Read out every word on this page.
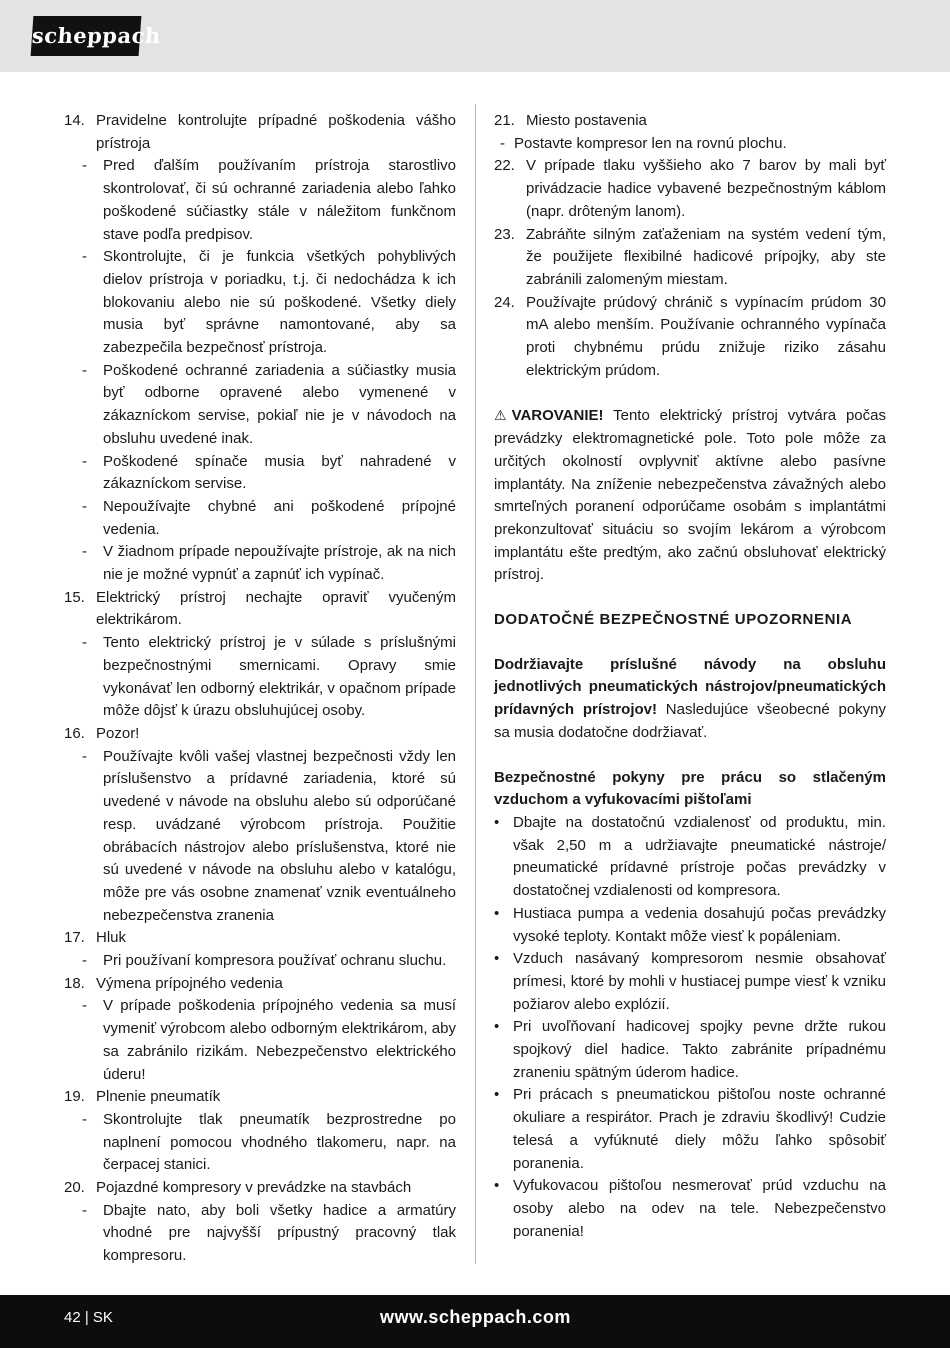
scheppach
14. Pravidelne kontrolujte prípadné poškodenia vášho prístroja
-	Pred ďalším používaním prístroja starostlivo skontrolovať, či sú ochranné zariadenia alebo ľahko poškodené súčiastky stále v náležitom funkčnom stave podľa predpisov.
-	Skontrolujte, či je funkcia všetkých pohyblivých dielov prístroja v poriadku, t.j. či nedochádza k ich blokovaniu alebo nie sú poškodené. Všetky diely musia byť správne namontované, aby sa zabezpečila bezpečnosť prístroja.
-	Poškodené ochranné zariadenia a súčiastky musia byť odborne opravené alebo vymenené v zákazníckom servise, pokiaľ nie je v návodoch na obsluhu uvedené inak.
-	Poškodené spínače musia byť nahradené v zákazníckom servise.
-	Nepoužívajte chybné ani poškodené prípojné vedenia.
-	V žiadnom prípade nepoužívajte prístroje, ak na nich nie je možné vypnúť a zapnúť ich vypínač.
15. Elektrický prístroj nechajte opraviť vyučeným elektrikárom.
-	Tento elektrický prístroj je v súlade s príslušnými bezpečnostnými smernicami. Opravy smie vykonávať len odborný elektrikár, v opačnom prípade môže dôjsť k úrazu obsluhujúcej osoby.
16. Pozor!
-	Používajte kvôli vašej vlastnej bezpečnosti vždy len príslušenstvo a prídavné zariadenia, ktoré sú uvedené v návode na obsluhu alebo sú odporúčané resp. uvádzané výrobcom prístroja. Použitie obrábacích nástrojov alebo príslušenstva, ktoré nie sú uvedené v návode na obsluhu alebo v katalógu, môže pre vás osobne znamenať vznik eventuálneho nebezpečenstva zranenia
17. Hluk
-	Pri používaní kompresora používať ochranu sluchu.
18. Výmena prípojného vedenia
-	V prípade poškodenia prípojného vedenia sa musí vymeniť výrobcom alebo odborným elektrikárom, aby sa zabránilo rizikám. Nebezpečenstvo elektrického úderu!
19. Plnenie pneumatík
-	Skontrolujte tlak pneumatík bezprostredne po naplnení pomocou vhodného tlakomeru, napr. na čerpacej stanici.
20. Pojazdné kompresory v prevádzke na stavbách
-	Dbajte nato, aby boli všetky hadice a armatúry vhodné pre najvyšší prípustný pracovný tlak kompresoru.
21. Miesto postavenia
- Postavte kompresor len na rovnú plochu.
22. V prípade tlaku vyššieho ako 7 barov by mali byť privádzacie hadice vybavené bezpečnostným káblom (napr. drôteným lanom).
23. Zabráňte silným zaťaženiam na systém vedení tým, že použijete flexibilné hadicové prípojky, aby ste zabránili zalomeným miestam.
24. Používajte prúdový chránič s vypínacím prúdom 30 mA alebo menším. Používanie ochranného vypínača proti chybnému prúdu znižuje riziko zásahu elektrickým prúdom.
⚠ VAROVANIE! Tento elektrický prístroj vytvára počas prevádzky elektromagnetické pole. Toto pole môže za určitých okolností ovplyvniť aktívne alebo pasívne implantáty. Na zníženie nebezpečenstva závažných alebo smrteľných poranení odporúčame osobám s implantátmi prekonzultovať situáciu so svojím lekárom a výrobcom implantátu ešte predtým, ako začnú obsluhovať elektrický prístroj.
DODATOČNÉ BEZPEČNOSTNÉ UPOZORNENIA
Dodržiavajte príslušné návody na obsluhu jednotlivých pneumatických nástrojov/pneumatických prídavných prístrojov! Nasledujúce všeobecné pokyny sa musia dodatočne dodržiavať.
Bezpečnostné pokyny pre prácu so stlačeným vzduchom a vyfukovacími pištoľami
• Dbajte na dostatočnú vzdialenosť od produktu, min. však 2,50 m a udržiavajte pneumatické nástroje/ pneumatické prídavné prístroje počas prevádzky v dostatočnej vzdialenosti od kompresora.
• Hustiaca pumpa a vedenia dosahujú počas prevádzky vysoké teploty. Kontakt môže viesť k popáleniam.
• Vzduch nasávaný kompresorom nesmie obsahovať prímesi, ktoré by mohli v hustiacej pumpe viesť k vzniku požiarov alebo explózií.
• Pri uvoľňovaní hadicovej spojky pevne držte rukou spojkový diel hadice. Takto zabránite prípadnému zraneniu spätným úderom hadice.
• Pri prácach s pneumatickou pištoľou noste ochranné okuliare a respirátor. Prach je zdraviu škodlivý! Cudzie telesá a vyfúknuté diely môžu ľahko spôsobiť poranenia.
• Vyfukovacou pištoľou nesmerovať prúd vzduchu na osoby alebo na odev na tele. Nebezpečenstvo poranenia!
42 | SK	www.scheppach.com
